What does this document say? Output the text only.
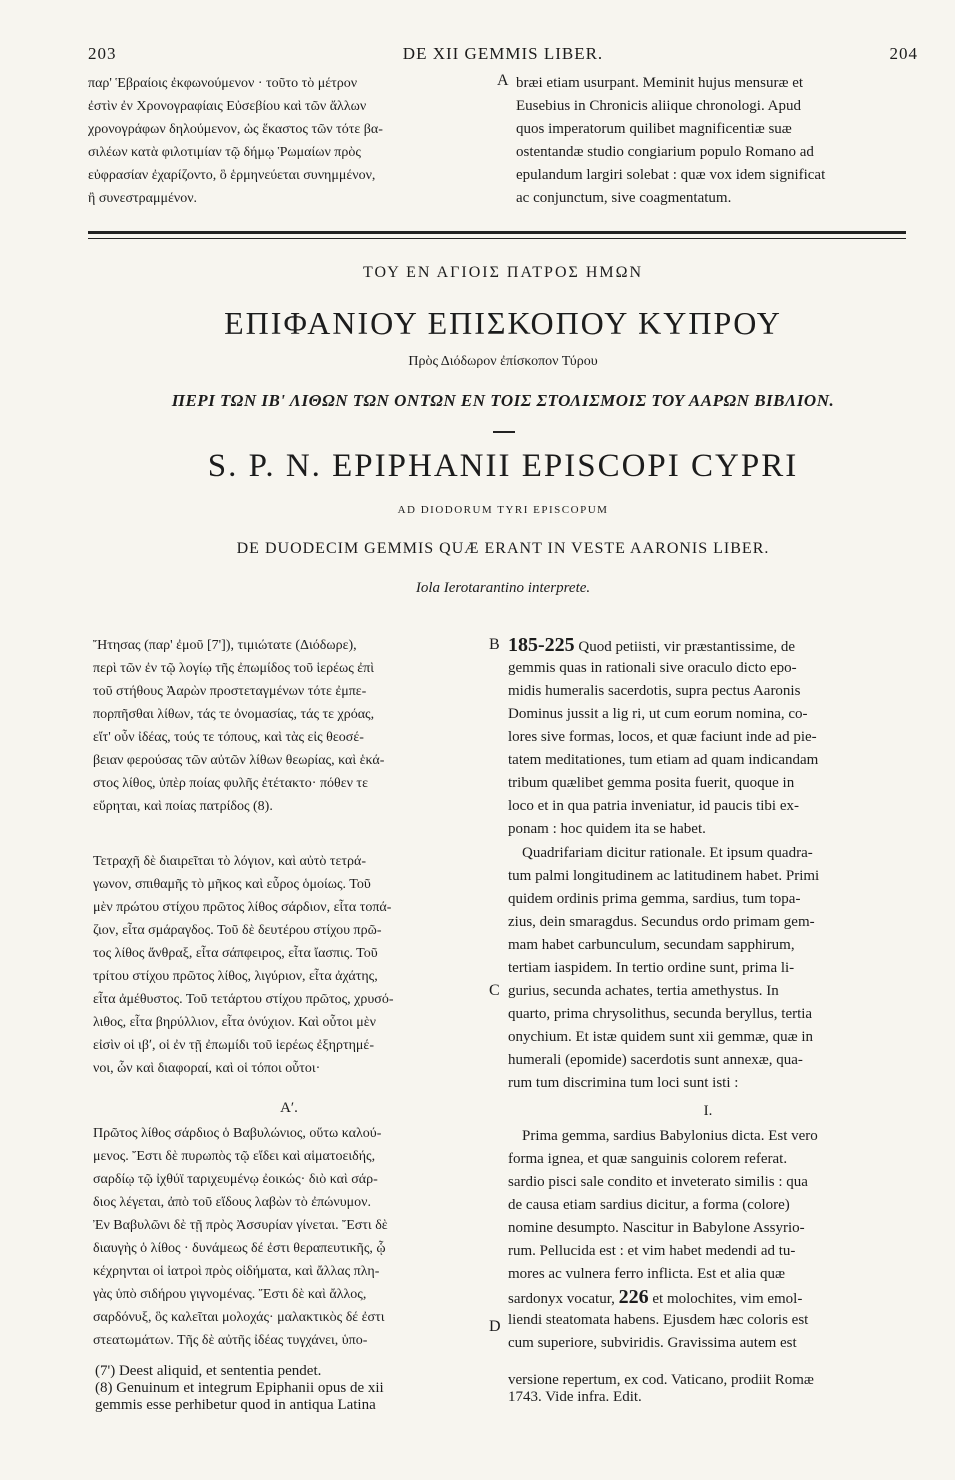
203	DE XII GEMMIS LIBER.	204
παρ' Ἑβραίοις ἐκφωνούμενον · τοῦτο τὸ μέτρον
ἐστὶν ἐν Χρονογραφίαις Εὐσεβίου καὶ τῶν ἄλλων
χρονογράφων δηλούμενον, ὡς ἕκαστος τῶν τότε βα-
σιλέων κατὰ φιλοτιμίαν τῷ δήμῳ Ῥωμαίων πρὸς
εὐφρασίαν ἐχαρίζοντο, ὃ ἑρμηνεύεται συνημμένον,
ἢ συνεστραμμένον.
A bræi etiam usurpant. Meminit hujus mensuræ et
Eusebius in Chronicis aliique chronologi. Apud
quos imperatorum quilibet magnificentiæ suæ
ostentandæ studio congiarium populo Romano ad
epulandum largiri solebat : quæ vox idem significat
ac conjunctum, sive coagmentatum.
ΤΟΥ ΕΝ ΑΓΙΟΙΣ ΠΑΤΡΟΣ ΗΜΩΝ
ΕΠΙΦΑΝΙΟΥ ΕΠΙΣΚΟΠΟΥ ΚΥΠΡΟΥ
Πρὸς Διόδωρον ἐπίσκοπον Τύρου
ΠΕΡΙ ΤΩΝ ΙΒʹ ΛΙΘΩΝ ΤΩΝ ΟΝΤΩΝ ΕΝ ΤΟΙΣ ΣΤΟΛΙΣΜΟΙΣ ΤΟΥ ΑΑΡΩΝ ΒΙΒΛΙΟΝ.
S. P. N. EPIPHANII EPISCOPI CYPRI
AD DIODORUM TYRI EPISCOPUM
DE DUODECIM GEMMIS QUÆ ERANT IN VESTE AARONIS LIBER.
Iola Ierotarantino interprete.
Ἤτησας (παρ' ἐμοῦ [7']), τιμιώτατε (Διόδωρε),
περὶ τῶν ἐν τῷ λογίῳ τῆς ἐπωμίδος τοῦ ἱερέως ἐπὶ
τοῦ στήθους Ἀαρὼν προστεταγμένων τότε ἐμπε-
πορπῆσθαι λίθων, τάς τε ὀνομασίας, τάς τε χρόας,
εἴτ' οὖν ἰδέας, τούς τε τόπους, καὶ τὰς εἰς θεοσέ-
βειαν φερούσας τῶν αὐτῶν λίθων θεωρίας, καὶ ἑκά-
στος λίθος, ὑπὲρ ποίας φυλῆς ἐτέτακτο· πόθεν τε
εὕρηται, καὶ ποίας πατρίδος (8).
Τετραχῆ δὲ διαιρεῖται τὸ λόγιον, καὶ αὐτὸ τετρά-
γωνον, σπιθαμῆς τὸ μῆκος καὶ εὖρος ὁμοίως. Τοῦ
μὲν πρώτου στίχου πρῶτος λίθος σάρδιον, εἶτα τοπά-
ζιον, εἶτα σμάραγδος. Τοῦ δὲ δευτέρου στίχου πρῶ-
τος λίθος ἄνθραξ, εἶτα σάπφειρος, εἶτα ἴασπις. Τοῦ
τρίτου στίχου πρῶτος λίθος, λιγύριον, εἶτα ἀχάτης,
εἶτα ἀμέθυστος. Τοῦ τετάρτου στίχου πρῶτος, χρυσό-
λιθος, εἶτα βηρύλλιον, εἶτα ὀνύχιον. Καὶ οὗτοι μὲν
εἰσὶν οἱ ιβʹ, οἱ ἐν τῇ ἐπωμίδι τοῦ ἱερέως ἐξηρτημέ-
νοι, ὧν καὶ διαφοραί, καὶ οἱ τόποι οὗτοι·
Αʹ.
Πρῶτος λίθος σάρδιος ὁ Βαβυλώνιος, οὕτω καλού-
μενος. Ἔστι δὲ πυρωπὸς τῷ εἴδει καὶ αἱματοειδής,
σαρδίῳ τῷ ἰχθύϊ ταριχευμένῳ ἐοικώς· διὸ καὶ σάρ-
διος λέγεται, ἀπὸ τοῦ εἴδους λαβὼν τὸ ἐπώνυμον.
Ἐν Βαβυλῶνι δὲ τῇ πρὸς Ἀσσυρίαν γίνεται. Ἔστι δὲ
διαυγὴς ὁ λίθος · δυνάμεως δέ ἐστι θεραπευτικῆς, ᾧ
κέχρηνται οἱ ἰατροὶ πρὸς οἰδήματα, καὶ ἄλλας πλη-
γὰς ὑπὸ σιδήρου γιγνομένας. Ἔστι δὲ καὶ ἄλλος,
σαρδόνυξ, ὃς καλεῖται μολοχάς· μαλακτικὸς δέ ἐστι
στεατωμάτων. Τῆς δὲ αὐτῆς ἰδέας τυγχάνει, ὑπο-
B
C
D
185-225 Quod petiisti, vir præstantissime, de
gemmis quas in rationali sive oraculo dicto epo-
midis humeralis sacerdotis, supra pectus Aaronis
Dominus jussit a lig ri, ut cum eorum nomina, co-
lores sive formas, locos, et quæ faciunt inde ad pie-
tatem meditationes, tum etiam ad quam indicandam
tribum quælibet gemma posita fuerit, quoque in
loco et in qua patria inveniatur, id paucis tibi ex-
ponam : hoc quidem ita se habet.
Quadrifariam dicitur rationale. Et ipsum quadra-
tum palmi longitudinem ac latitudinem habet. Primi
quidem ordinis prima gemma, sardius, tum topa-
zius, dein smaragdus. Secundus ordo primam gem-
mam habet carbunculum, secundam sapphirum,
tertiam iaspidem. In tertio ordine sunt, prima li-
gurius, secunda achates, tertia amethystus. In
quarto, prima chrysolithus, secunda beryllus, tertia
onychium. Et istæ quidem sunt xii gemmæ, quæ in
humerali (epomide) sacerdotis sunt annexæ, qua-
rum tum discrimina tum loci sunt isti :
I.
Prima gemma, sardius Babylonius dicta. Est vero
forma ignea, et quæ sanguinis colorem referat.
sardio pisci sale condito et inveterato similis : qua
de causa etiam sardius dicitur, a forma (colore)
nomine desumpto. Nascitur in Babylone Assyrio-
rum. Pellucida est : et vim habet medendi ad tu-
mores ac vulnera ferro inflicta. Est et alia quæ
sardonyx vocatur, 226 et molochites, vim emol-
liendi steatomata habens. Ejusdem hæc coloris est
cum superiore, subviridis. Gravissima autem est
(7') Deest aliquid, et sententia pendet.
(8) Genuinum et integrum Epiphanii opus de xii
gemmis esse perhibetur quod in antiqua Latina
versione repertum, ex cod. Vaticano, prodiit Romæ
1743. Vide infra. Edit.
